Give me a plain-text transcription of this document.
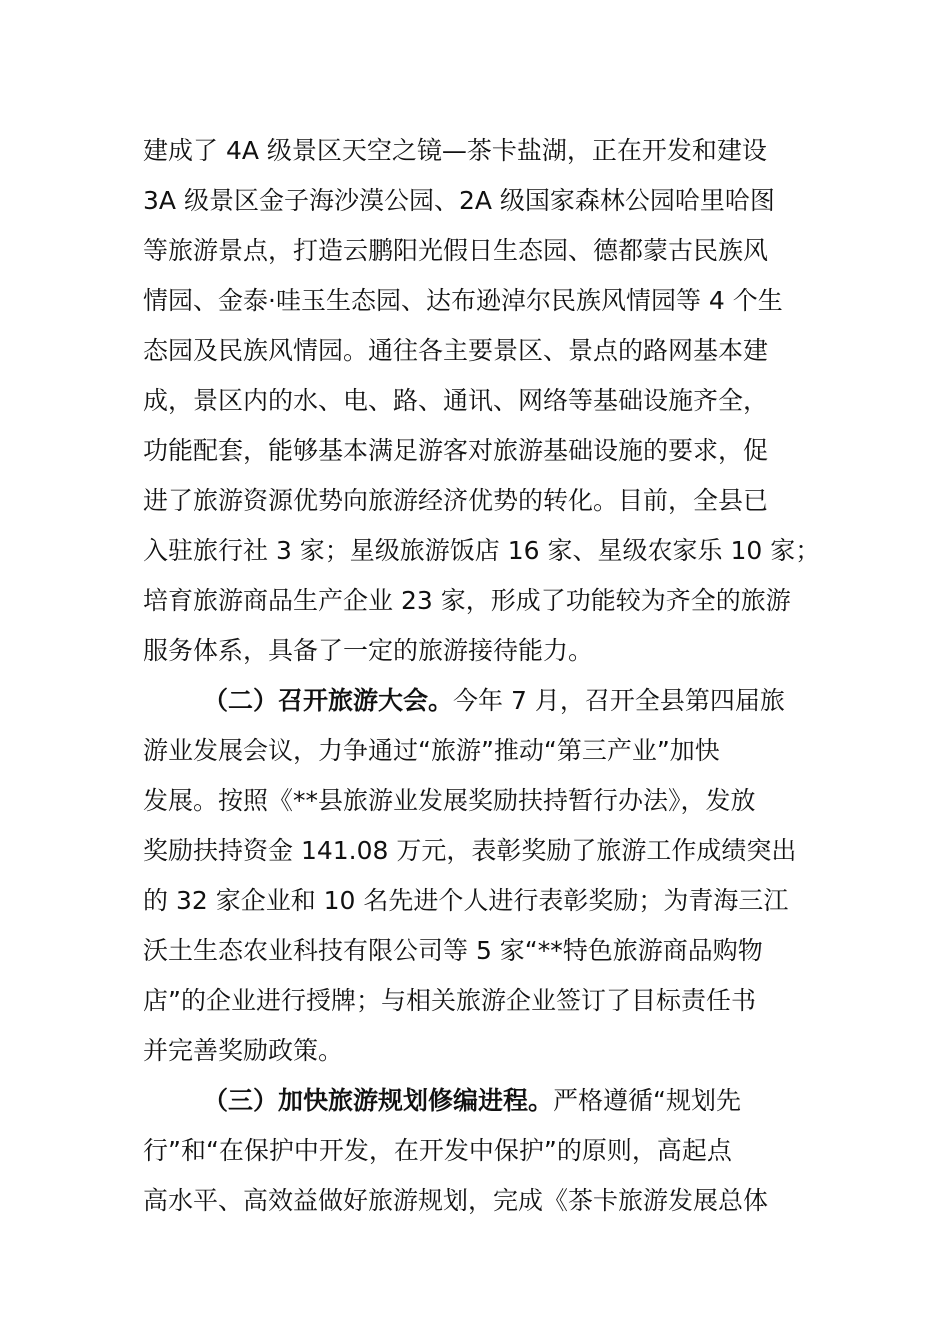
建成了 4A 级景区天空之镜—茶卡盐湖，正在开发和建设

3A 级景区金子海沙漠公园、2A 级国家森林公园哈里哈图

等旅游景点，打造云鹏阳光假日生态园、德都蒙古民族风

情园、金泰·哇玉生态园、达布逊淖尔民族风情园等 4 个生

态园及民族风情园。通往各主要景区、景点的路网基本建

成，景区内的水、电、路、通讯、网络等基础设施齐全，

功能配套，能够基本满足游客对旅游基础设施的要求，促

进了旅游资源优势向旅游经济优势的转化。目前，全县已

入驻旅行社 3 家；星级旅游饭店 16 家、星级农家乐 10 家；

培育旅游商品生产企业 23 家，形成了功能较为齐全的旅游

服务体系，具备了一定的旅游接待能力。

（二）召开旅游大会。今年 7 月，召开全县第四届旅

游业发展会议，力争通过“旅游”推动“第三产业”加快

发展。按照《**县旅游业发展奖励扶持暂行办法》，发放

奖励扶持资金 141.08 万元，表彰奖励了旅游工作成绩突出

的 32 家企业和 10 名先进个人进行表彰奖励；为青海三江

沃土生态农业科技有限公司等 5 家“**特色旅游商品购物

店”的企业进行授牌；与相关旅游企业签订了目标责任书

并完善奖励政策。

（三）加快旅游规划修编进程。严格遵循“规划先

行”和“在保护中开发，在开发中保护”的原则，高起点

高水平、高效益做好旅游规划，完成《茶卡旅游发展总体
